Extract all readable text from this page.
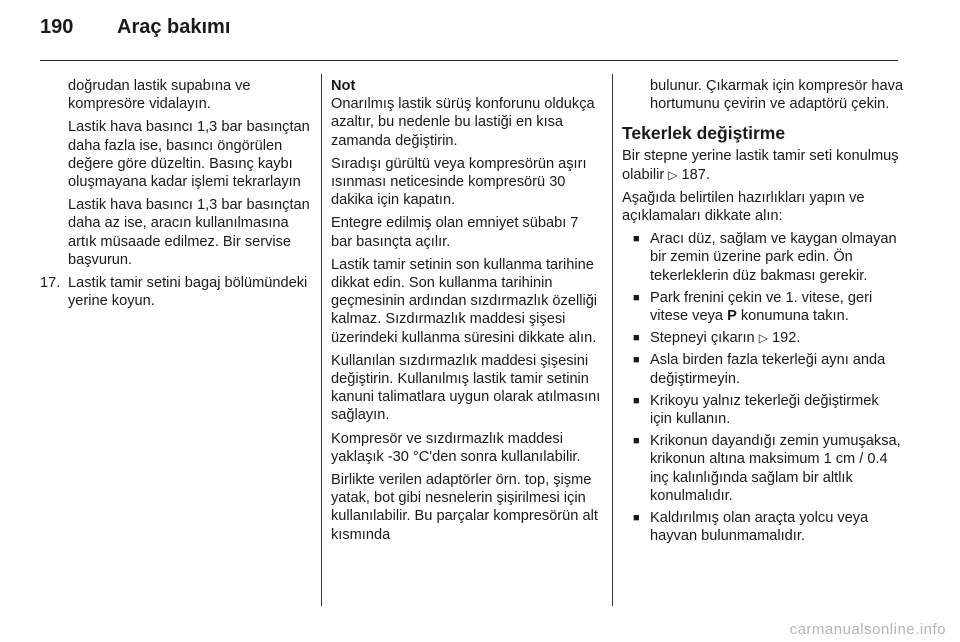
190 Araç bakımı

doğrudan lastik supabına ve kompresöre vidalayın.

Lastik hava basıncı 1,3 bar basınçtan daha fazla ise, basıncı öngörülen değere göre düzeltin. Basınç kaybı oluşmayana kadar işlemi tekrarlayın

Lastik hava basıncı 1,3 bar basınçtan daha az ise, aracın kullanılmasına artık müsaade edilmez. Bir servise başvurun.

17. Lastik tamir setini bagaj bölümündeki yerine koyun.
Not

Onarılmış lastik sürüş konforunu oldukça azaltır, bu nedenle bu lastiği en kısa zamanda değiştirin.

Sıradışı gürültü veya kompresörün aşırı ısınması neticesinde kompresörü 30 dakika için kapatın.

Entegre edilmiş olan emniyet sübabı 7 bar basınçta açılır.

Lastik tamir setinin son kullanma tarihine dikkat edin. Son kullanma tarihinin geçmesinin ardından sızdırmazlık özelliği kalmaz. Sızdırmazlık maddesi şişesi üzerindeki kullanma süresini dikkate alın.

Kullanılan sızdırmazlık maddesi şişesini değiştirin. Kullanılmış lastik tamir setinin kanuni talimatlara uygun olarak atılmasını sağlayın.

Kompresör ve sızdırmazlık maddesi yaklaşık -30 °C'den sonra kullanılabilir.

Birlikte verilen adaptörler örn. top, şişme yatak, bot gibi nesnelerin şişirilmesi için kullanılabilir. Bu parçalar kompresörün alt kısmında

bulunur. Çıkarmak için kompresör hava hortumunu çevirin ve adaptörü çekin.

Tekerlek değiştirme

Bir stepne yerine lastik tamir seti konulmuş olabilir ▷ 187.

Aşağıda belirtilen hazırlıkları yapın ve açıklamaları dikkate alın:

■ Aracı düz, sağlam ve kaygan olmayan bir zemin üzerine park edin. Ön tekerleklerin düz bakması gerekir.
■ Park frenini çekin ve 1. vitese, geri vitese veya P konumuna takın.
■ Stepneyi çıkarın ▷ 192.
■ Asla birden fazla tekerleği aynı anda değiştirmeyin.
■ Krikoyu yalnız tekerleği değiştirmek için kullanın.
■ Krikonun dayandığı zemin yumuşaksa, krikonun altına maksimum 1 cm / 0.4 inç kalınlığında sağlam bir altlık konulmalıdır.
■ Kaldırılmış olan araçta yolcu veya hayvan bulunmamalıdır.
carmanualsonline.info
